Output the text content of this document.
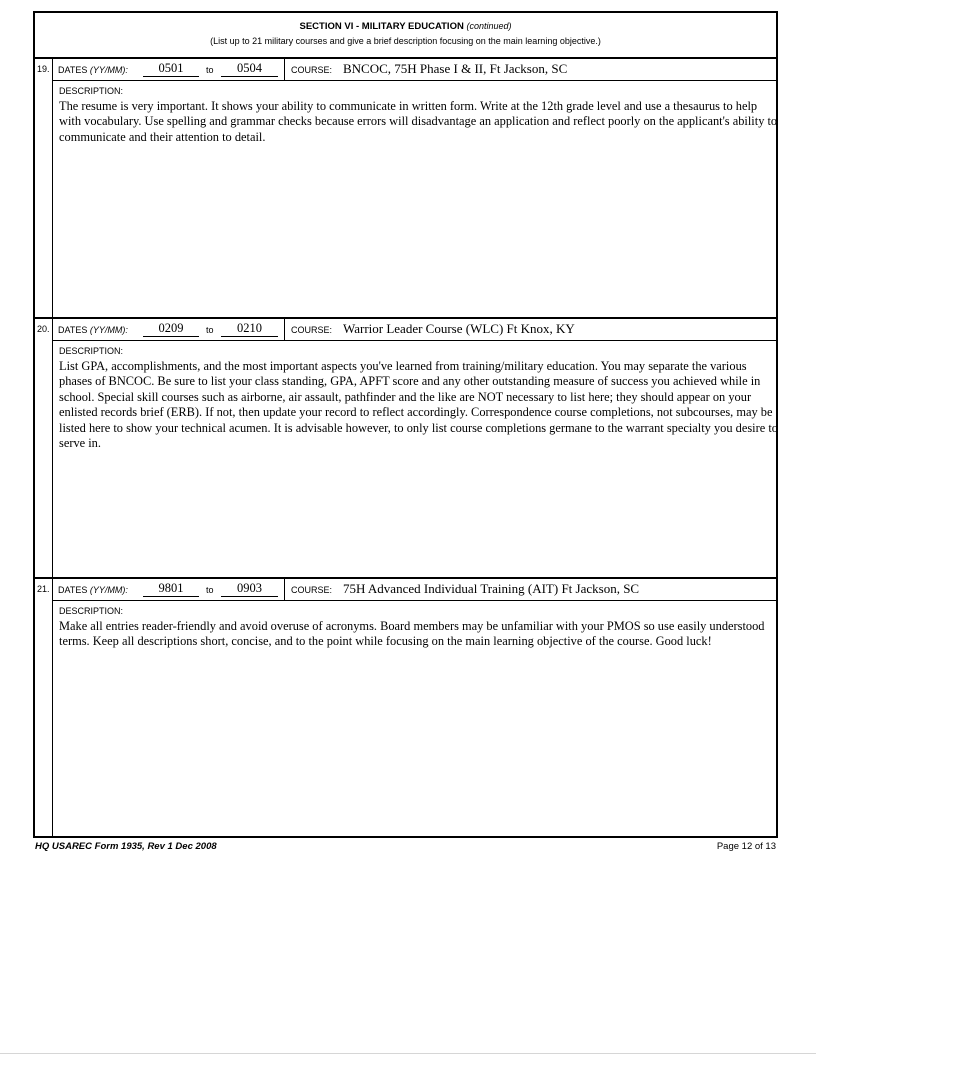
SECTION VI - MILITARY EDUCATION (continued)
(List up to 21 military courses and give a brief description focusing on the main learning objective.)
19. DATES (YY/MM):	0501	to	0504	COURSE: BNCOC, 75H Phase I & II, Ft Jackson, SC
DESCRIPTION:
The resume is very important. It shows your ability to communicate in written form. Write at the 12th grade level and use a thesaurus to help with vocabulary. Use spelling and grammar checks because errors will disadvantage an application and reflect poorly on the applicant's ability to communicate and their attention to detail.
20. DATES (YY/MM):	0209	to	0210	COURSE: Warrior Leader Course (WLC) Ft Knox, KY
DESCRIPTION:
List GPA, accomplishments, and the most important aspects you've learned from training/military education. You may separate the various phases of BNCOC. Be sure to list your class standing, GPA, APFT score and any other outstanding measure of success you achieved while in school. Special skill courses such as airborne, air assault, pathfinder and the like are NOT necessary to list here; they should appear on your enlisted records brief (ERB). If not, then update your record to reflect accordingly. Correspondence course completions, not subcourses, may be listed here to show your technical acumen. It is advisable however, to only list course completions germane to the warrant specialty you desire to serve in.
21. DATES (YY/MM):	9801	to	0903	COURSE: 75H Advanced Individual Training (AIT) Ft Jackson, SC
DESCRIPTION:
Make all entries reader-friendly and avoid overuse of acronyms. Board members may be unfamiliar with your PMOS so use easily understood terms. Keep all descriptions short, concise, and to the point while focusing on the main learning objective of the course. Good luck!
HQ USAREC Form 1935, Rev 1 Dec 2008	Page 12 of 13
